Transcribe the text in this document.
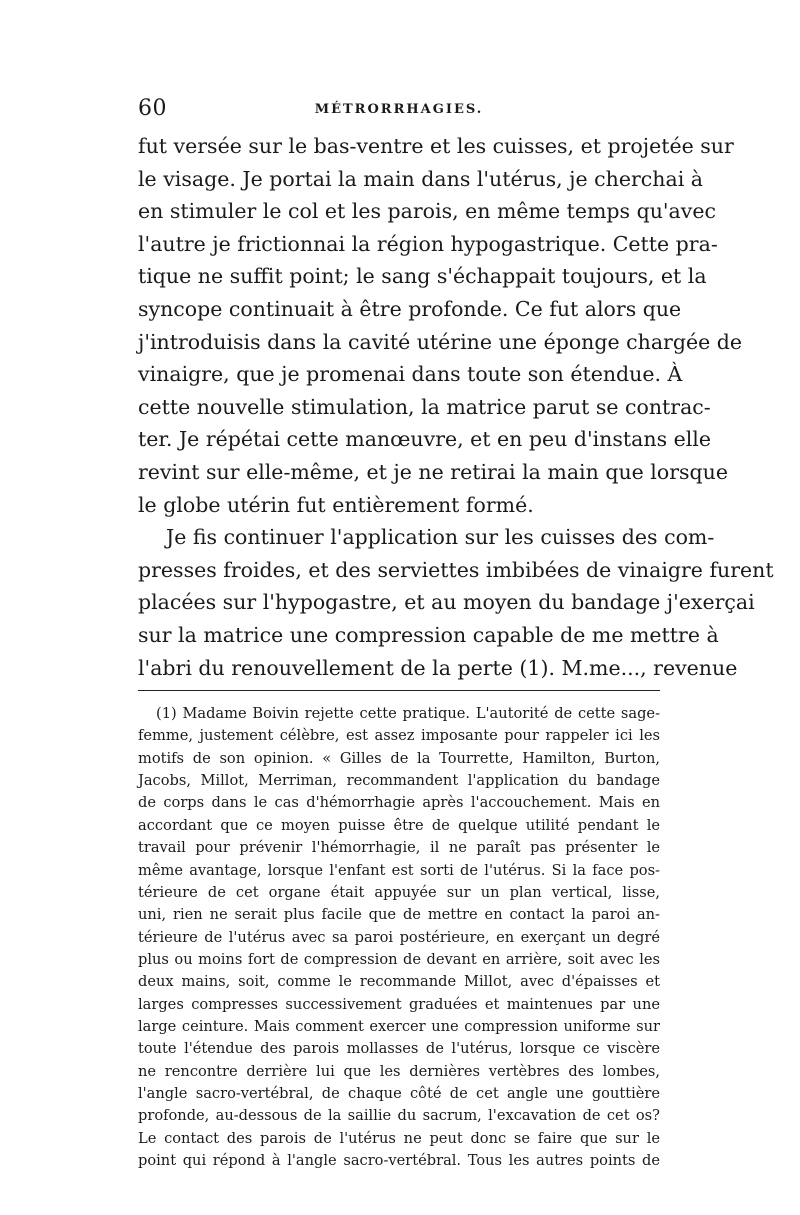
60	MÉTRORRHAGIES.
fut versée sur le bas-ventre et les cuisses, et projetée sur
le visage. Je portai la main dans l'utérus, je cherchai à
en stimuler le col et les parois, en même temps qu'avec
l'autre je frictionnai la région hypogastrique. Cette pra-
tique ne suffit point; le sang s'échappait toujours, et la
syncope continuait à être profonde. Ce fut alors que
j'introduisis dans la cavité utérine une éponge chargée de
vinaigre, que je promenai dans toute son étendue. À
cette nouvelle stimulation, la matrice parut se contrac-
ter. Je répétai cette manœuvre, et en peu d'instans elle
revint sur elle-même, et je ne retirai la main que lorsque
le globe utérin fut entièrement formé.
Je fis continuer l'application sur les cuisses des com-
presses froides, et des serviettes imbibées de vinaigre furent
placées sur l'hypogastre, et au moyen du bandage j'exerçai
sur la matrice une compression capable de me mettre à
l'abri du renouvellement de la perte (1). M.me..., revenue
(1) Madame Boivin rejette cette pratique. L'autorité de cette sage-
femme, justement célèbre, est assez imposante pour rappeler ici les
motifs de son opinion. « Gilles de la Tourrette, Hamilton, Burton,
Jacobs, Millot, Merriman, recommandent l'application du bandage
de corps dans le cas d'hémorrhagie après l'accouchement. Mais en
accordant que ce moyen puisse être de quelque utilité pendant le
travail pour prévenir l'hémorrhagie, il ne paraît pas présenter le
même avantage, lorsque l'enfant est sorti de l'utérus. Si la face pos-
térieure de cet organe était appuyée sur un plan vertical, lisse,
uni, rien ne serait plus facile que de mettre en contact la paroi an-
térieure de l'utérus avec sa paroi postérieure, en exerçant un degré
plus ou moins fort de compression de devant en arrière, soit avec les
deux mains, soit, comme le recommande Millot, avec d'épaisses et
larges compresses successivement graduées et maintenues par une
large ceinture. Mais comment exercer une compression uniforme sur
toute l'étendue des parois mollasses de l'utérus, lorsque ce viscère
ne rencontre derrière lui que les dernières vertèbres des lombes,
l'angle sacro-vertébral, de chaque côté de cet angle une gouttière
profonde, au-dessous de la saillie du sacrum, l'excavation de cet os?
Le contact des parois de l'utérus ne peut donc se faire que sur le
point qui répond à l'angle sacro-vertébral. Tous les autres points de
